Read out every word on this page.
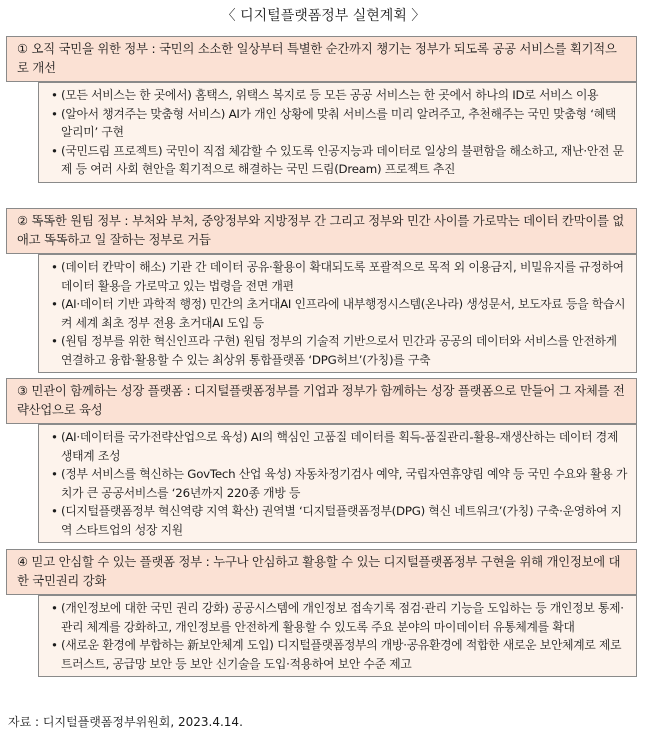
〈 디지털플랫폼정부 실현계획 〉
① 오직 국민을 위한 정부 : 국민의 소소한 일상부터 특별한 순간까지 챙기는 정부가 되도록 공공 서비스를 획기적으로 개선
• (모든 서비스는 한 곳에서) 홈택스, 위택스 복지로 등 모든 공공 서비스는 한 곳에서 하나의 ID로 서비스 이용
• (알아서 챙겨주는 맞춤형 서비스) AI가 개인 상황에 맞춰 서비스를 미리 알려주고, 추천해주는 국민 맞춤형 ‘혜택 알리미’ 구현
• (국민드림 프로젝트) 국민이 직접 체감할 수 있도록 인공지능과 데이터로 일상의 불편함을 해소하고, 재난·안전 문제 등 여러 사회 현안을 획기적으로 해결하는 국민 드림(Dream) 프로젝트 추진
② 똑똑한 원팀 정부 : 부처와 부처, 중앙정부와 지방정부 간 그리고 정부와 민간 사이를 가로막는 데이터 칸막이를 없애고 똑똑하고 일 잘하는 정부로 거듭
• (데이터 칸막이 해소) 기관 간 데이터 공유·활용이 확대되도록 포괄적으로 목적 외 이용금지, 비밀유지를 규정하여 데이터 활용을 가로막고 있는 법령을 전면 개편
• (AI·데이터 기반 과학적 행정) 민간의 초거대AI 인프라에 내부행정시스템(온나라) 생성문서, 보도자료 등을 학습시켜 세계 최초 정부 전용 초거대AI 도입 등
• (원팀 정부를 위한 혁신인프라 구현) 원팀 정부의 기술적 기반으로서 민간과 공공의 데이터와 서비스를 안전하게 연결하고 융합·활용할 수 있는 최상위 통합플랫폼 ‘DPG허브’(가칭)를 구축
③ 민관이 함께하는 성장 플랫폼 : 디지털플랫폼정부를 기업과 정부가 함께하는 성장 플랫폼으로 만들어 그 자체를 전략산업으로 육성
• (AI·데이터를 국가전략산업으로 육성) AI의 핵심인 고품질 데이터를 획득-품질관리-활용-재생산하는 데이터 경제 생태계 조성
• (정부 서비스를 혁신하는 GovTech 산업 육성) 자동차정기검사 예약, 국립자연휴양림 예약 등 국민 수요와 활용 가치가 큰 공공서비스를 ‘26년까지 220종 개방 등
• (디지털플랫폼정부 혁신역량 지역 확산) 권역별 ‘디지털플랫폼정부(DPG) 혁신 네트워크’(가칭) 구축·운영하여 지역 스타트업의 성장 지원
④ 믿고 안심할 수 있는 플랫폼 정부 : 누구나 안심하고 활용할 수 있는 디지털플랫폼정부 구현을 위해 개인정보에 대한 국민권리 강화
• (개인정보에 대한 국민 권리 강화) 공공시스템에 개인정보 접속기록 점검·관리 기능을 도입하는 등 개인정보 통제·관리 체계를 강화하고, 개인정보를 안전하게 활용할 수 있도록 주요 분야의 마이데이터 유통체계를 확대
• (새로운 환경에 부합하는 新보안체계 도입) 디지털플랫폼정부의 개방·공유환경에 적합한 새로운 보안체계로 제로 트러스트, 공급망 보안 등 보안 신기술을 도입·적용하여 보안 수준 제고
자료 : 디지털플랫폼정부위원회, 2023.4.14.
